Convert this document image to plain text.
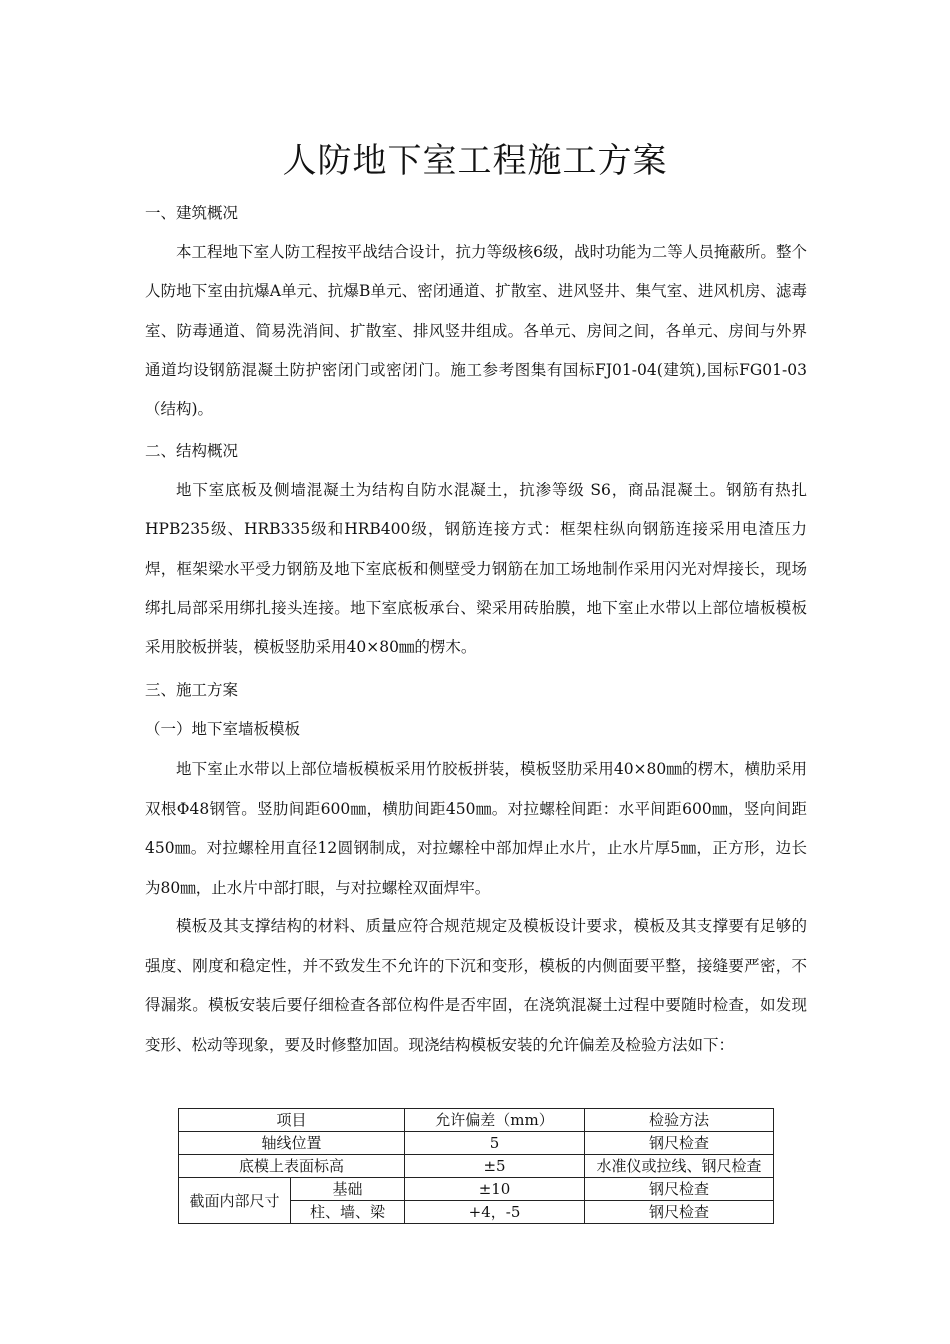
人防地下室工程施工方案
一、建筑概况
本工程地下室人防工程按平战结合设计，抗力等级核6级，战时功能为二等人员掩蔽所。整个人防地下室由抗爆A单元、抗爆B单元、密闭通道、扩散室、进风竖井、集气室、进风机房、滤毒室、防毒通道、简易洗消间、扩散室、排风竖井组成。各单元、房间之间，各单元、房间与外界通道均设钢筋混凝土防护密闭门或密闭门。施工参考图集有国标FJ01-04(建筑),国标FG01-03（结构)。
二、结构概况
地下室底板及侧墙混凝土为结构自防水混凝土，抗渗等级 S6，商品混凝土。钢筋有热扎HPB235级、HRB335级和HRB400级，钢筋连接方式：框架柱纵向钢筋连接采用电渣压力焊，框架梁水平受力钢筋及地下室底板和侧壁受力钢筋在加工场地制作采用闪光对焊接长，现场绑扎局部采用绑扎接头连接。地下室底板承台、梁采用砖胎膜，地下室止水带以上部位墙板模板采用胶板拼装，模板竖肋采用40×80㎜的楞木。
三、施工方案
（一）地下室墙板模板
地下室止水带以上部位墙板模板采用竹胶板拼装，模板竖肋采用40×80㎜的楞木，横肋采用双根Φ48钢管。竖肋间距600㎜，横肋间距450㎜。对拉螺栓间距：水平间距600㎜，竖向间距450㎜。对拉螺栓用直径12圆钢制成，对拉螺栓中部加焊止水片，止水片厚5㎜，正方形，边长为80㎜，止水片中部打眼，与对拉螺栓双面焊牢。
模板及其支撑结构的材料、质量应符合规范规定及模板设计要求，模板及其支撑要有足够的强度、刚度和稳定性，并不致发生不允许的下沉和变形，模板的内侧面要平整，接缝要严密，不得漏浆。模板安装后要仔细检查各部位构件是否牢固，在浇筑混凝土过程中要随时检查，如发现变形、松动等现象，要及时修整加固。现浇结构模板安装的允许偏差及检验方法如下：
项目		允许偏差（mm）	检验方法
轴线位置		5	钢尺检查
底模上表面标高		±5	水准仪或拉线、钢尺检查
截面内部尺寸	基础	±10	钢尺检查
	柱、墙、梁	+4，-5	钢尺检查
